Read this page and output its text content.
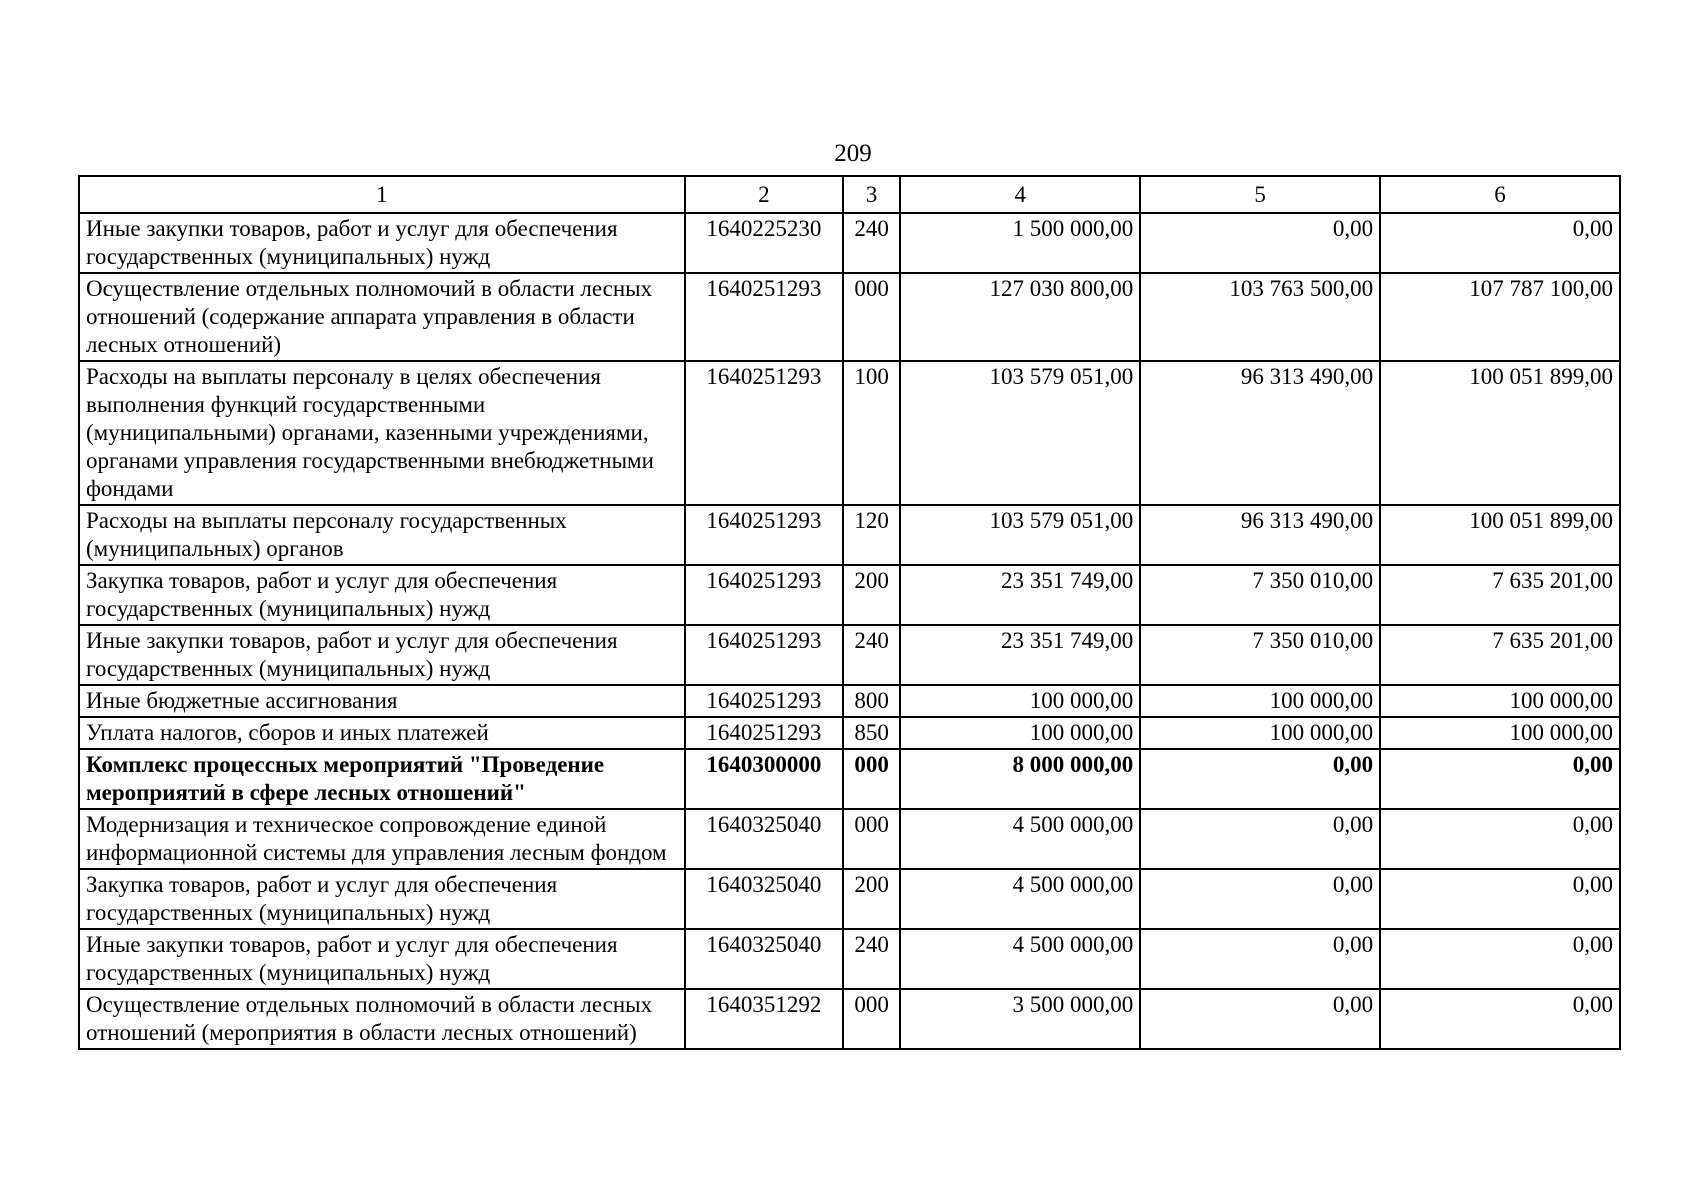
209
1	2	3	4	5	6
Иные закупки товаров, работ и услуг для обеспечения государственных (муниципальных) нужд	1640225230	240	1 500 000,00	0,00	0,00
Осуществление отдельных полномочий в области лесных отношений (содержание аппарата управления в области лесных отношений)	1640251293	000	127 030 800,00	103 763 500,00	107 787 100,00
Расходы на выплаты персоналу в целях обеспечения выполнения функций государственными (муниципальными) органами, казенными учреждениями, органами управления государственными внебюджетными фондами	1640251293	100	103 579 051,00	96 313 490,00	100 051 899,00
Расходы на выплаты персоналу государственных (муниципальных) органов	1640251293	120	103 579 051,00	96 313 490,00	100 051 899,00
Закупка товаров, работ и услуг для обеспечения государственных (муниципальных) нужд	1640251293	200	23 351 749,00	7 350 010,00	7 635 201,00
Иные закупки товаров, работ и услуг для обеспечения государственных (муниципальных) нужд	1640251293	240	23 351 749,00	7 350 010,00	7 635 201,00
Иные бюджетные ассигнования	1640251293	800	100 000,00	100 000,00	100 000,00
Уплата налогов, сборов и иных платежей	1640251293	850	100 000,00	100 000,00	100 000,00
Комплекс процессных мероприятий "Проведение мероприятий в сфере лесных отношений"	1640300000	000	8 000 000,00	0,00	0,00
Модернизация и техническое сопровождение единой информационной системы для управления лесным фондом	1640325040	000	4 500 000,00	0,00	0,00
Закупка товаров, работ и услуг для обеспечения государственных (муниципальных) нужд	1640325040	200	4 500 000,00	0,00	0,00
Иные закупки товаров, работ и услуг для обеспечения государственных (муниципальных) нужд	1640325040	240	4 500 000,00	0,00	0,00
Осуществление отдельных полномочий в области лесных отношений (мероприятия в области лесных отношений)	1640351292	000	3 500 000,00	0,00	0,00
